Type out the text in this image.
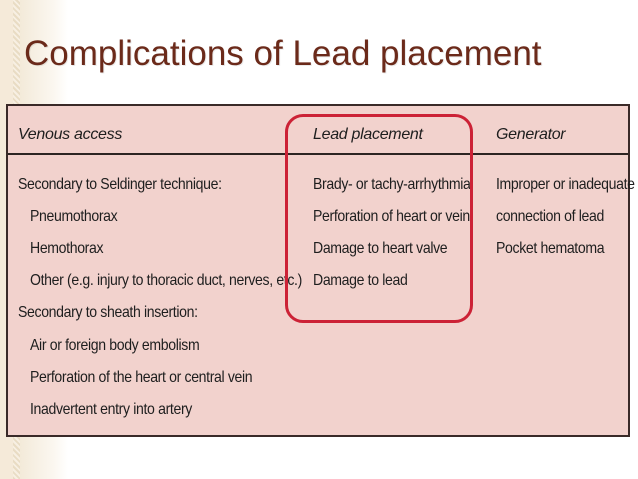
Complications of Lead placement
Venous access	Lead placement	Generator
Secondary to Seldinger technique:
Pneumothorax
Hemothorax
Other (e.g. injury to thoracic duct, nerves, etc.)
Secondary to sheath insertion:
Air or foreign body embolism
Perforation of the heart or central vein
Inadvertent entry into artery
Brady- or tachy-arrhythmia
Perforation of heart or vein
Damage to heart valve
Damage to lead
Improper or inadequate
connection of lead
Pocket hematoma
